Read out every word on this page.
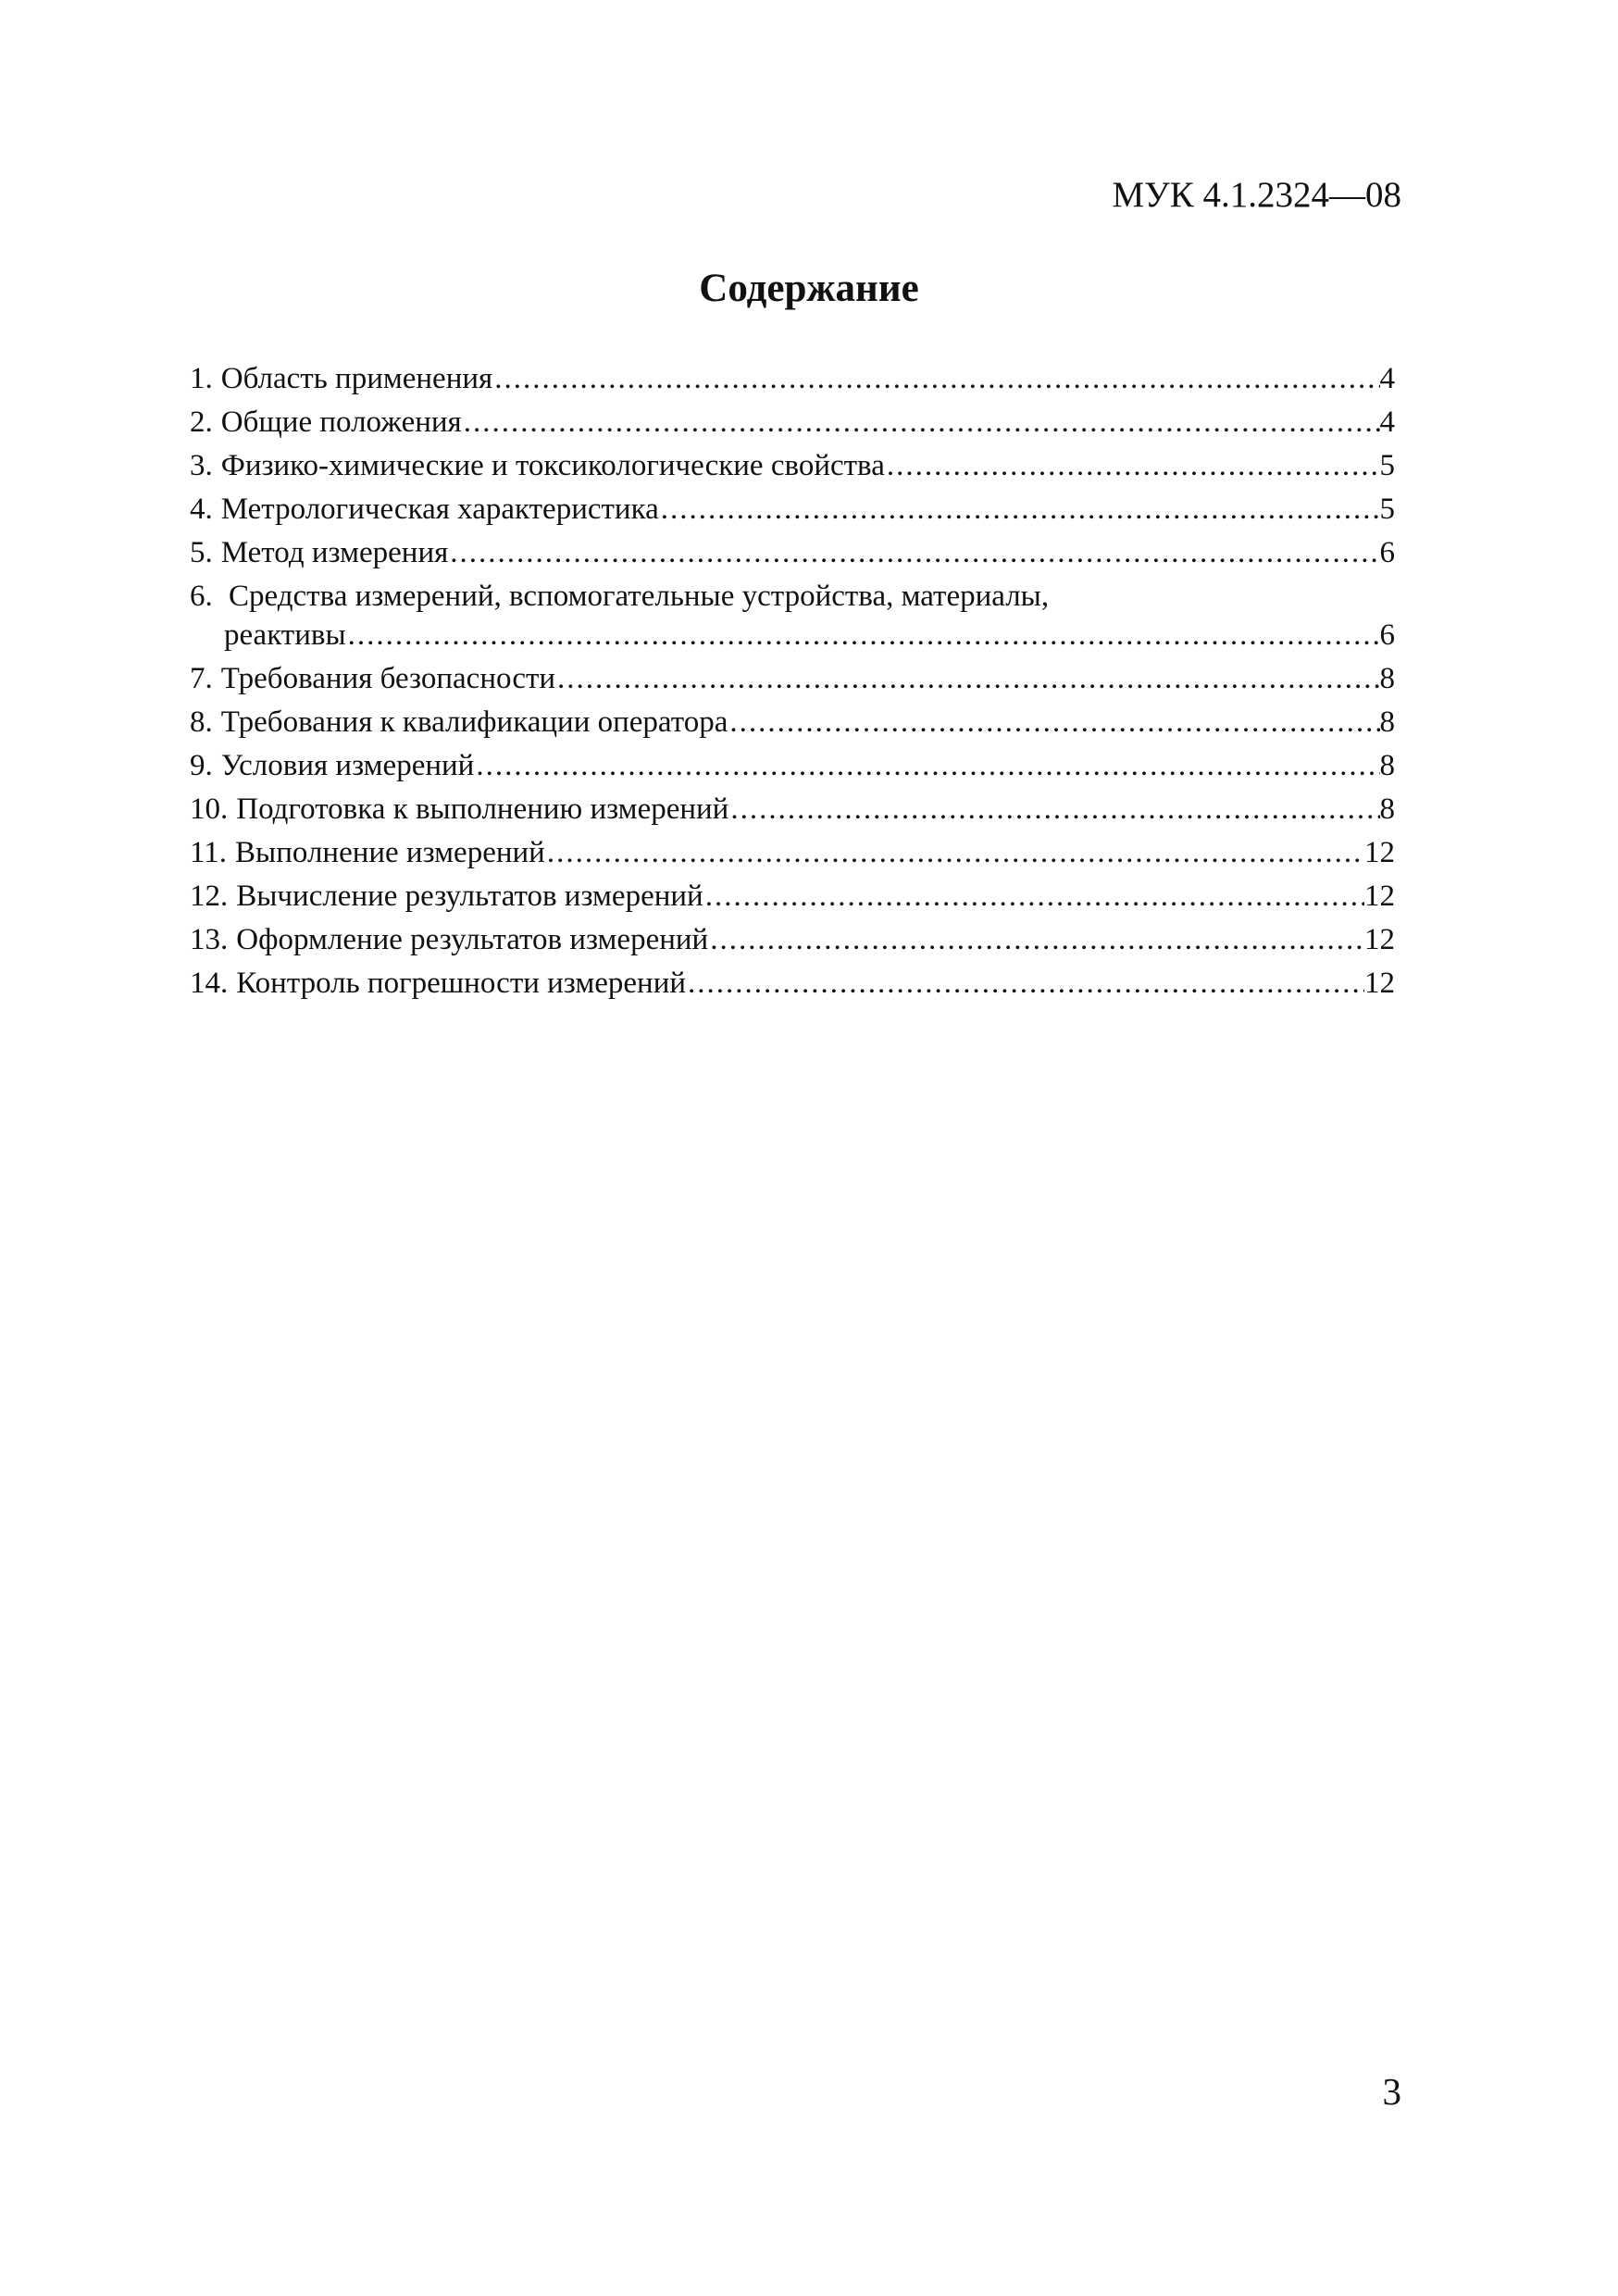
МУК 4.1.2324—08
Содержание
1. Область применения .....	4
2. Общие положения .....	4
3. Физико-химические и токсикологические свойства .....	5
4. Метрологическая характеристика .....	5
5. Метод измерения .....	6
6. Средства измерений, вспомогательные устройства, материалы,
реактивы .....	6
7. Требования безопасности .....	8
8. Требования к квалификации оператора .....	8
9. Условия измерений .....	8
10. Подготовка к выполнению измерений .....	8
11. Выполнение измерений .....	12
12. Вычисление результатов измерений .....	12
13. Оформление результатов измерений .....	12
14. Контроль погрешности измерений .....	12
3
